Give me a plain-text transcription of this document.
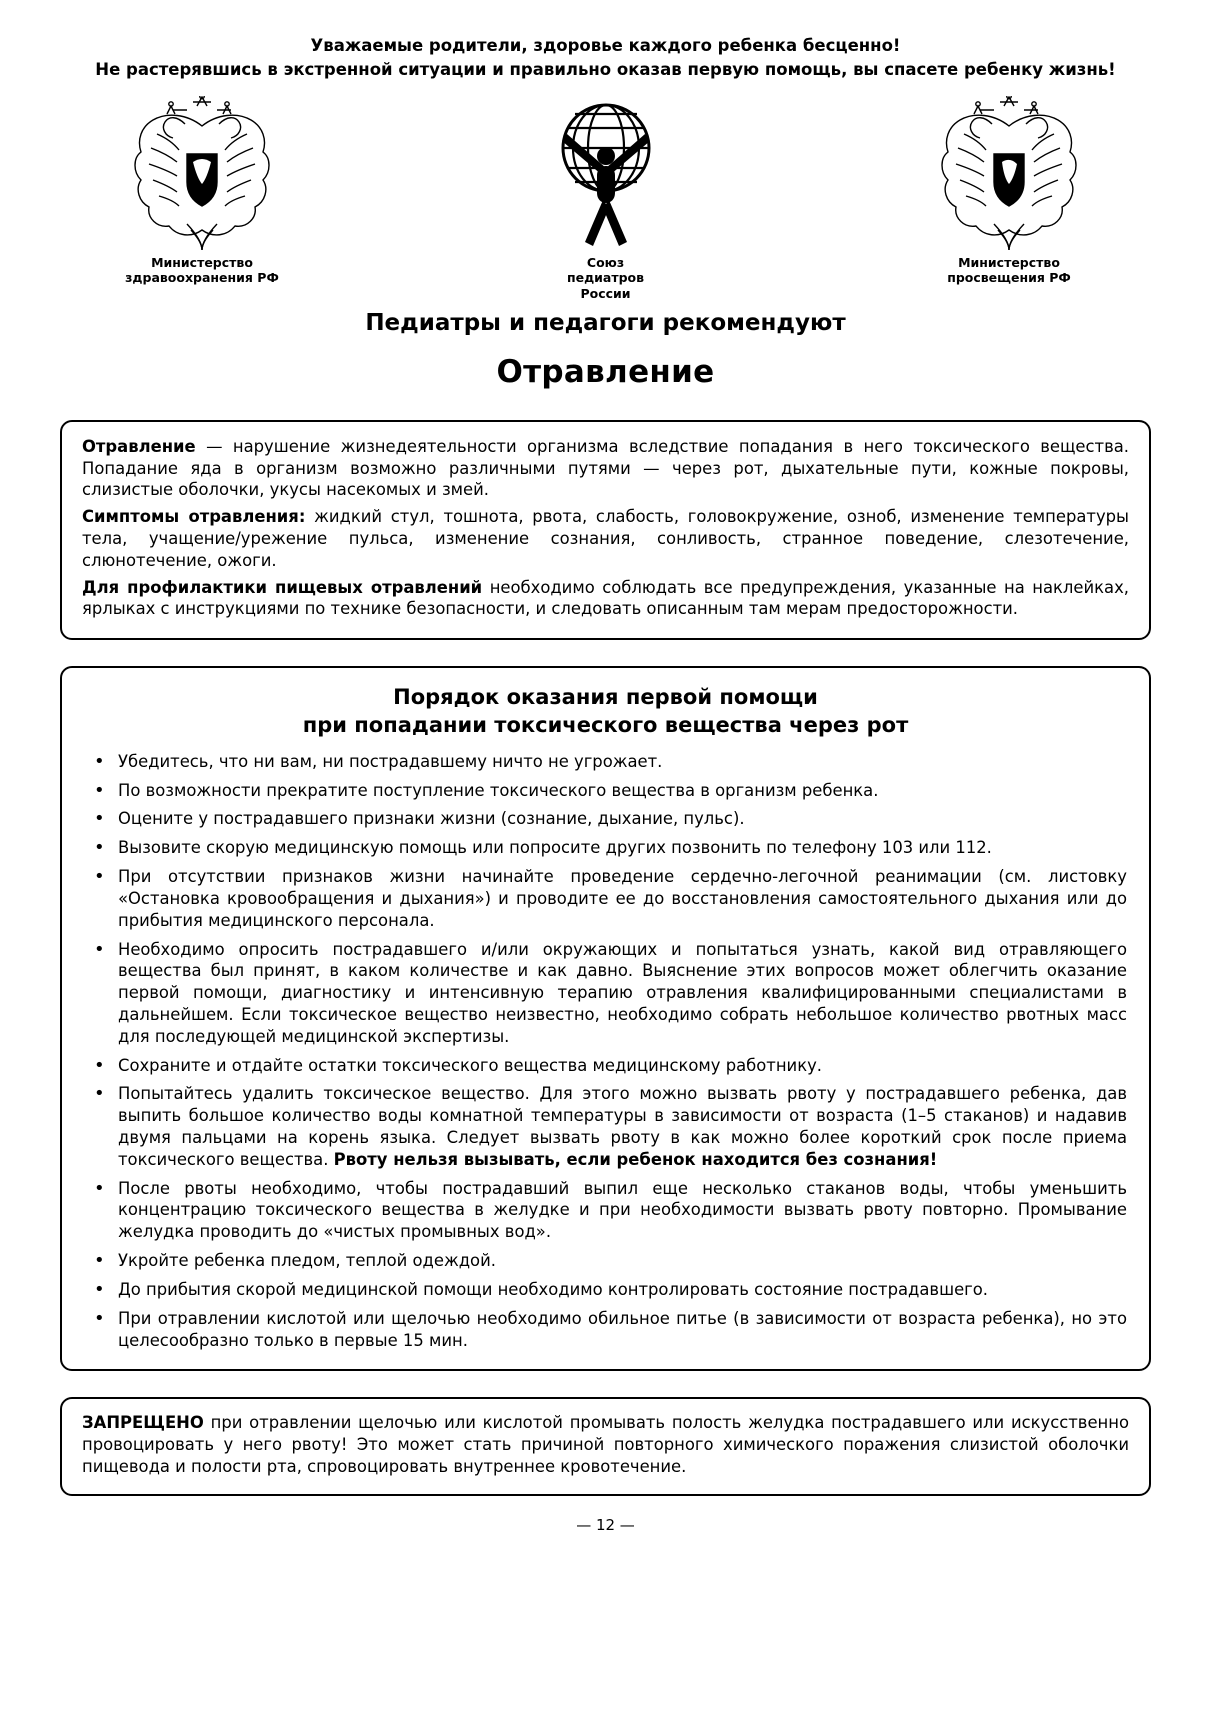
Уважаемые родители, здоровье каждого ребенка бесценно!
Не растерявшись в экстренной ситуации и правильно оказав первую помощь, вы спасете ребенку жизнь!
Министерство
здравоохранения РФ
Союз
педиатров
России
Министерство
просвещения РФ
Педиатры и педагоги рекомендуют
Отравление

Отравление — нарушение жизнедеятельности организма вследствие попадания в него токсического вещества. Попадание яда в организм возможно различными путями — через рот, дыхательные пути, кожные покровы, слизистые оболочки, укусы насекомых и змей.

Симптомы отравления: жидкий стул, тошнота, рвота, слабость, головокружение, озноб, изменение температуры тела, учащение/урежение пульса, изменение сознания, сонливость, странное поведение, слезотечение, слюнотечение, ожоги.

Для профилактики пищевых отравлений необходимо соблюдать все предупреждения, указанные на наклейках, ярлыках с инструкциями по технике безопасности, и следовать описанным там мерам предосторожности.

Порядок оказания первой помощи
при попадании токсического вещества через рот
• Убедитесь, что ни вам, ни пострадавшему ничто не угрожает.
• По возможности прекратите поступление токсического вещества в организм ребенка.
• Оцените у пострадавшего признаки жизни (сознание, дыхание, пульс).
• Вызовите скорую медицинскую помощь или попросите других позвонить по телефону 103 или 112.
• При отсутствии признаков жизни начинайте проведение сердечно-легочной реанимации (см. листовку «Остановка кровообращения и дыхания») и проводите ее до восстановления самостоятельного дыхания или до прибытия медицинского персонала.
• Необходимо опросить пострадавшего и/или окружающих и попытаться узнать, какой вид отравляющего вещества был принят, в каком количестве и как давно. Выяснение этих вопросов может облегчить оказание первой помощи, диагностику и интенсивную терапию отравления квалифицированными специалистами в дальнейшем. Если токсическое вещество неизвестно, необходимо собрать небольшое количество рвотных масс для последующей медицинской экспертизы.
• Сохраните и отдайте остатки токсического вещества медицинскому работнику.
• Попытайтесь удалить токсическое вещество. Для этого можно вызвать рвоту у пострадавшего ребенка, дав выпить большое количество воды комнатной температуры в зависимости от возраста (1–5 стаканов) и надавив двумя пальцами на корень языка. Следует вызвать рвоту в как можно более короткий срок после приема токсического вещества. Рвоту нельзя вызывать, если ребенок находится без сознания!
• После рвоты необходимо, чтобы пострадавший выпил еще несколько стаканов воды, чтобы уменьшить концентрацию токсического вещества в желудке и при необходимости вызвать рвоту повторно. Промывание желудка проводить до «чистых промывных вод».
• Укройте ребенка пледом, теплой одеждой.
• До прибытия скорой медицинской помощи необходимо контролировать состояние пострадавшего.
• При отравлении кислотой или щелочью необходимо обильное питье (в зависимости от возраста ребенка), но это целесообразно только в первые 15 мин.

ЗАПРЕЩЕНО при отравлении щелочью или кислотой промывать полость желудка пострадавшего или искусственно провоцировать у него рвоту! Это может стать причиной повторного химического поражения слизистой оболочки пищевода и полости рта, спровоцировать внутреннее кровотечение.

— 12 —
